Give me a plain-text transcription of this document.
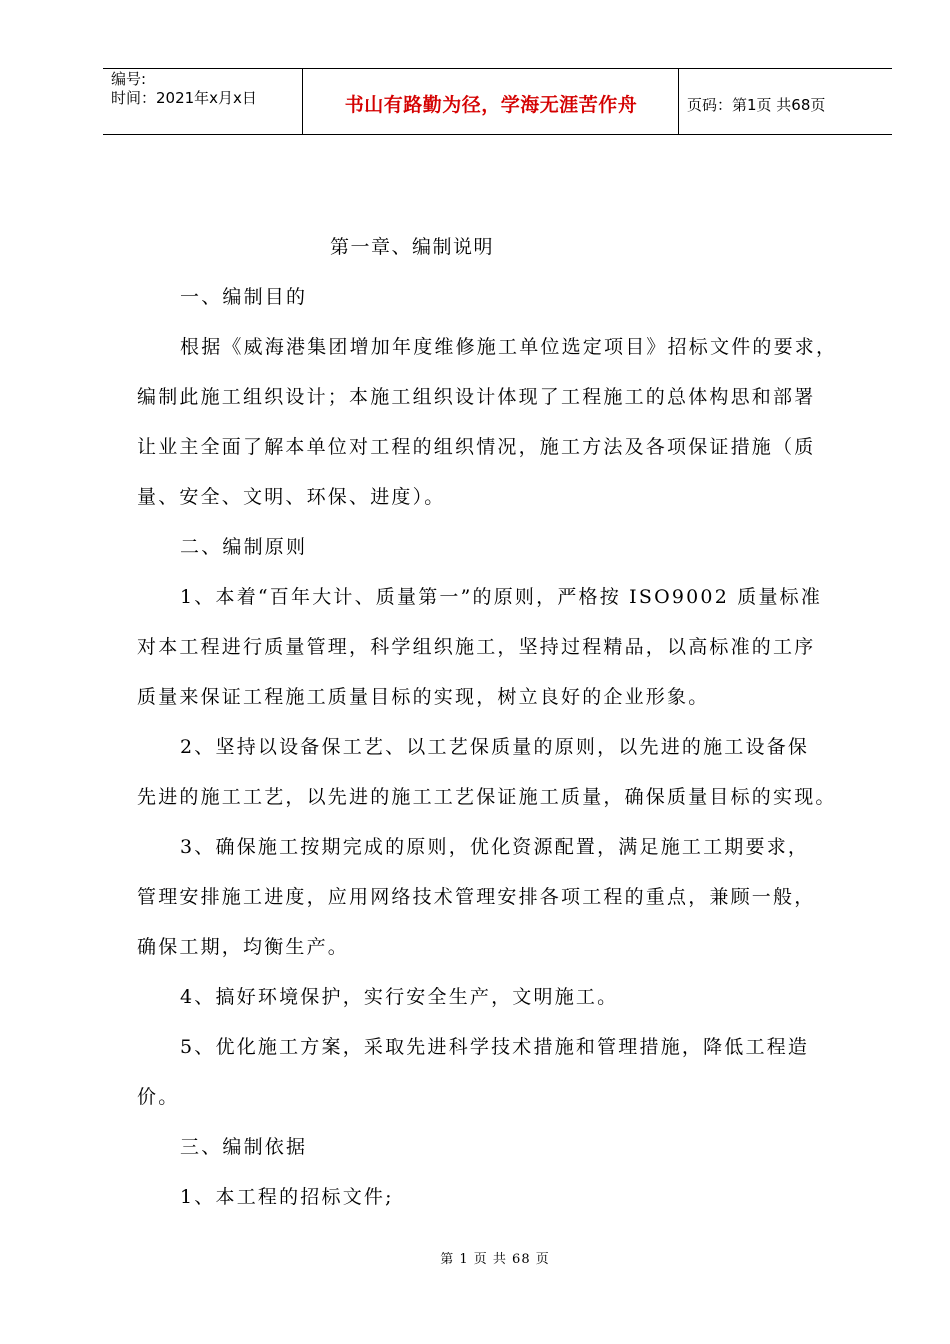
编号:
时间：2021年x月x日	书山有路勤为径，学海无涯苦作舟	页码：第1页 共68页
第一章、编制说明
一、编制目的
根据《威海港集团增加年度维修施工单位选定项目》招标文件的要求，
编制此施工组织设计；本施工组织设计体现了工程施工的总体构思和部署
让业主全面了解本单位对工程的组织情况，施工方法及各项保证措施（质
量、安全、文明、环保、进度）。
二、编制原则
1、本着“百年大计、质量第一”的原则，严格按 ISO9002 质量标准
对本工程进行质量管理，科学组织施工，坚持过程精品，以高标准的工序
质量来保证工程施工质量目标的实现，树立良好的企业形象。
2、坚持以设备保工艺、以工艺保质量的原则，以先进的施工设备保
先进的施工工艺，以先进的施工工艺保证施工质量，确保质量目标的实现。
3、确保施工按期完成的原则，优化资源配置，满足施工工期要求，
管理安排施工进度，应用网络技术管理安排各项工程的重点，兼顾一般，
确保工期，均衡生产。
4、搞好环境保护，实行安全生产，文明施工。
5、优化施工方案，采取先进科学技术措施和管理措施，降低工程造
价。
三、编制依据
1、本工程的招标文件;
第 1 页 共 68 页
